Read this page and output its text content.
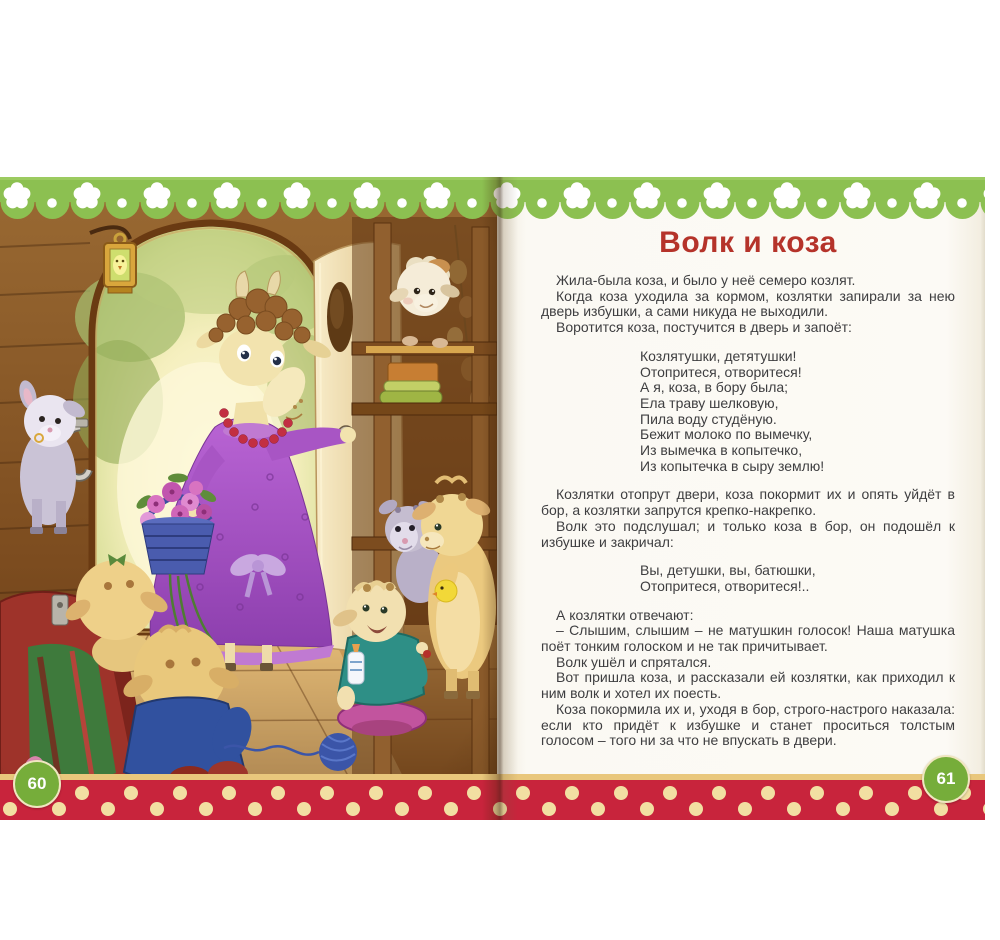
Волк и коза

Жила-была коза, и было у неё семеро козлят.

Когда коза уходила за кормом, козлятки запирали за нею дверь избушки, а сами никуда не выходили.

Воротится коза, постучится в дверь и запоёт:

Козлятушки, детятушки!
Отопритеся, отворитеся!
А я, коза, в бору была;
Ела траву шелковую,
Пила воду студёную.
Бежит молоко по вымечку,
Из вымечка в копытечко,
Из копытечка в сыру землю!

Козлятки отопрут двери, коза покормит их и опять уйдёт в бор, а козлятки запрутся крепко-накрепко.

Волк это подслушал; и только коза в бор, он подошёл к избушке и закричал:

Вы, детушки, вы, батюшки,
Отопритеся, отворитеся!..

А козлятки отвечают:

– Слышим, слышим – не матушкин голосок! Наша матушка поёт тонким голоском и не так причитывает.

Волк ушёл и спрятался.

Вот пришла коза, и рассказали ей козлятки, как приходил к ним волк и хотел их поесть.

Коза покормила их и, уходя в бор, строго-настрого наказала: если кто придёт к избушке и станет проситься толстым голосом – того ни за что не впускать в двери.

60	61
